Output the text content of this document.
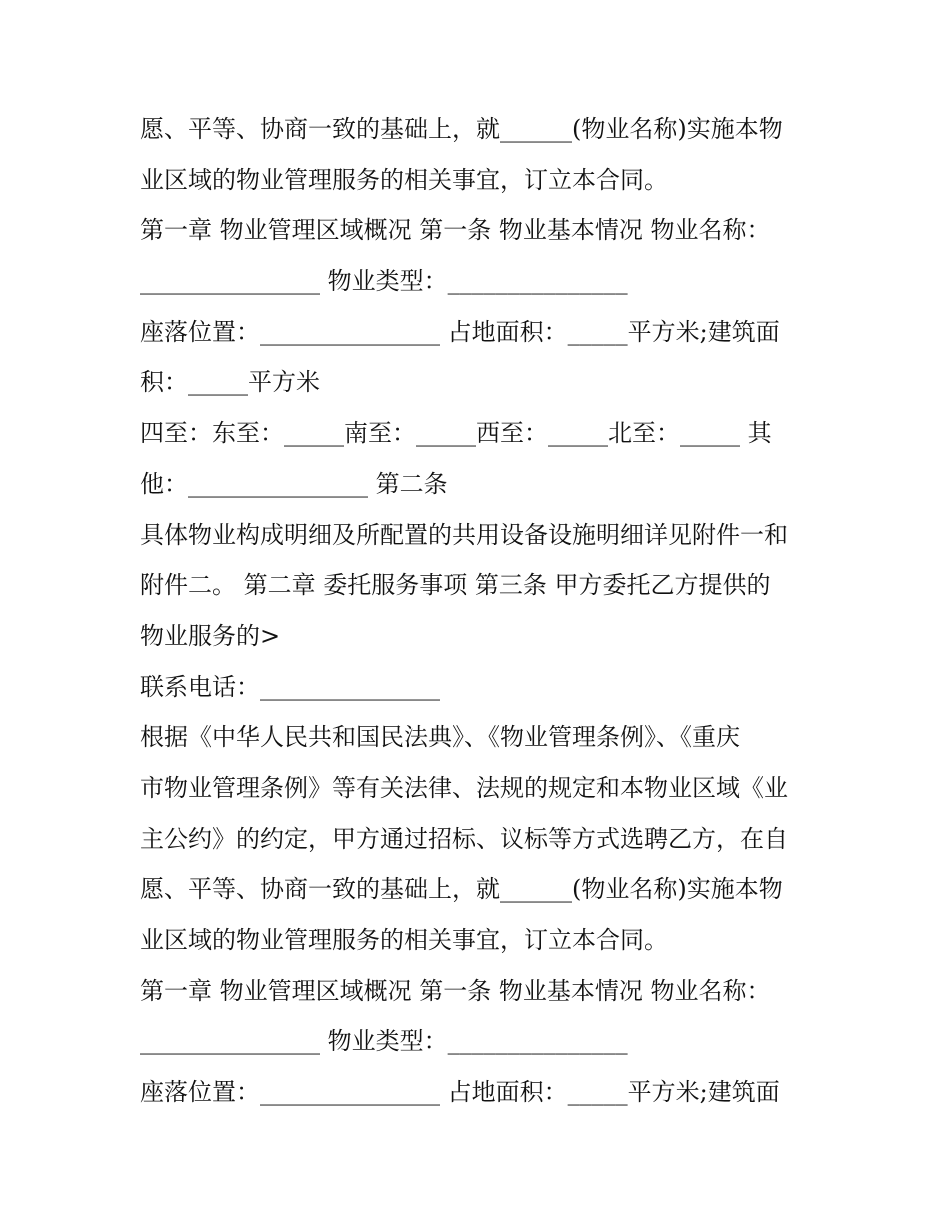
愿、平等、协商一致的基础上，就______(物业名称)实施本物

业区域的物业管理服务的相关事宜，订立本合同。

第一章 物业管理区域概况 第一条 物业基本情况 物业名称：

_______________ 物业类型：_______________

座落位置：_______________ 占地面积：_____平方米;建筑面

积：_____平方米

四至：东至：_____南至：_____西至：_____北至：_____ 其

他：_______________ 第二条

具体物业构成明细及所配置的共用设备设施明细详见附件一和

附件二。 第二章 委托服务事项 第三条 甲方委托乙方提供的

物业服务的>

联系电话：_______________

根据《中华人民共和国民法典》、《物业管理条例》、《重庆

市物业管理条例》等有关法律、法规的规定和本物业区域《业

主公约》的约定，甲方通过招标、议标等方式选聘乙方，在自

愿、平等、协商一致的基础上，就______(物业名称)实施本物

业区域的物业管理服务的相关事宜，订立本合同。

第一章 物业管理区域概况 第一条 物业基本情况 物业名称：

_______________ 物业类型：_______________

座落位置：_______________ 占地面积：_____平方米;建筑面
